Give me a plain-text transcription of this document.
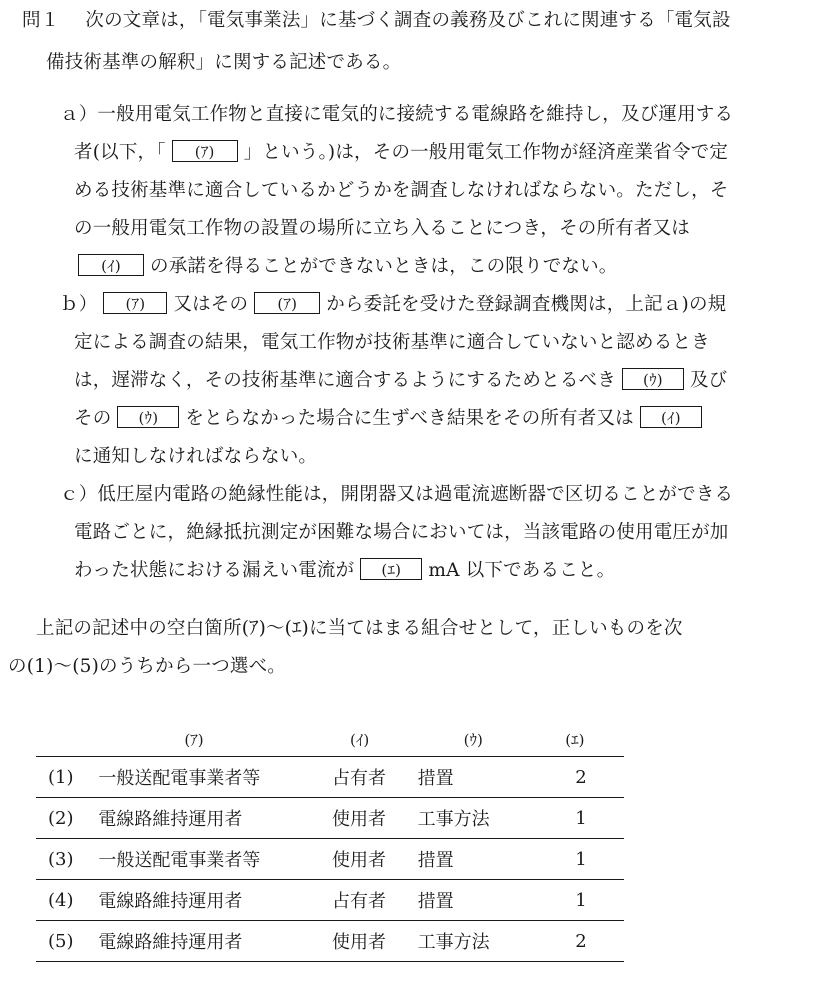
問１ 次の文章は，「電気事業法」に基づく調査の義務及びこれに関連する「電気設
備技術基準の解釈」に関する記述である。
ａ）一般用電気工作物と直接に電気的に接続する電線路を維持し，及び運用する
者(以下，「 (ｱ) 」という。)は，その一般用電気工作物が経済産業省令で定
める技術基準に適合しているかどうかを調査しなければならない。ただし，そ
の一般用電気工作物の設置の場所に立ち入ることにつき，その所有者又は
(ｲ) の承諾を得ることができないときは，この限りでない。
ｂ） (ｱ) 又はその (ｱ) から委託を受けた登録調査機関は，上記ａ)の規
定による調査の結果，電気工作物が技術基準に適合していないと認めるとき
は，遅滞なく，その技術基準に適合するようにするためとるべき (ｳ) 及び
その (ｳ) をとらなかった場合に生ずべき結果をその所有者又は (ｲ)
に通知しなければならない。
ｃ）低圧屋内電路の絶縁性能は，開閉器又は過電流遮断器で区切ることができる
電路ごとに，絶縁抵抗測定が困難な場合においては，当該電路の使用電圧が加
わった状態における漏えい電流が (ｴ) mA 以下であること。
上記の記述中の空白箇所(ｱ)～(ｴ)に当てはまる組合せとして，正しいものを次
の(1)～(5)のうちから一つ選べ。
	(ｱ)	(ｲ)	(ｳ)	(ｴ)
(1)	一般送配電事業者等	占有者	措置	2
(2)	電線路維持運用者	使用者	工事方法	1
(3)	一般送配電事業者等	使用者	措置	1
(4)	電線路維持運用者	占有者	措置	1
(5)	電線路維持運用者	使用者	工事方法	2
